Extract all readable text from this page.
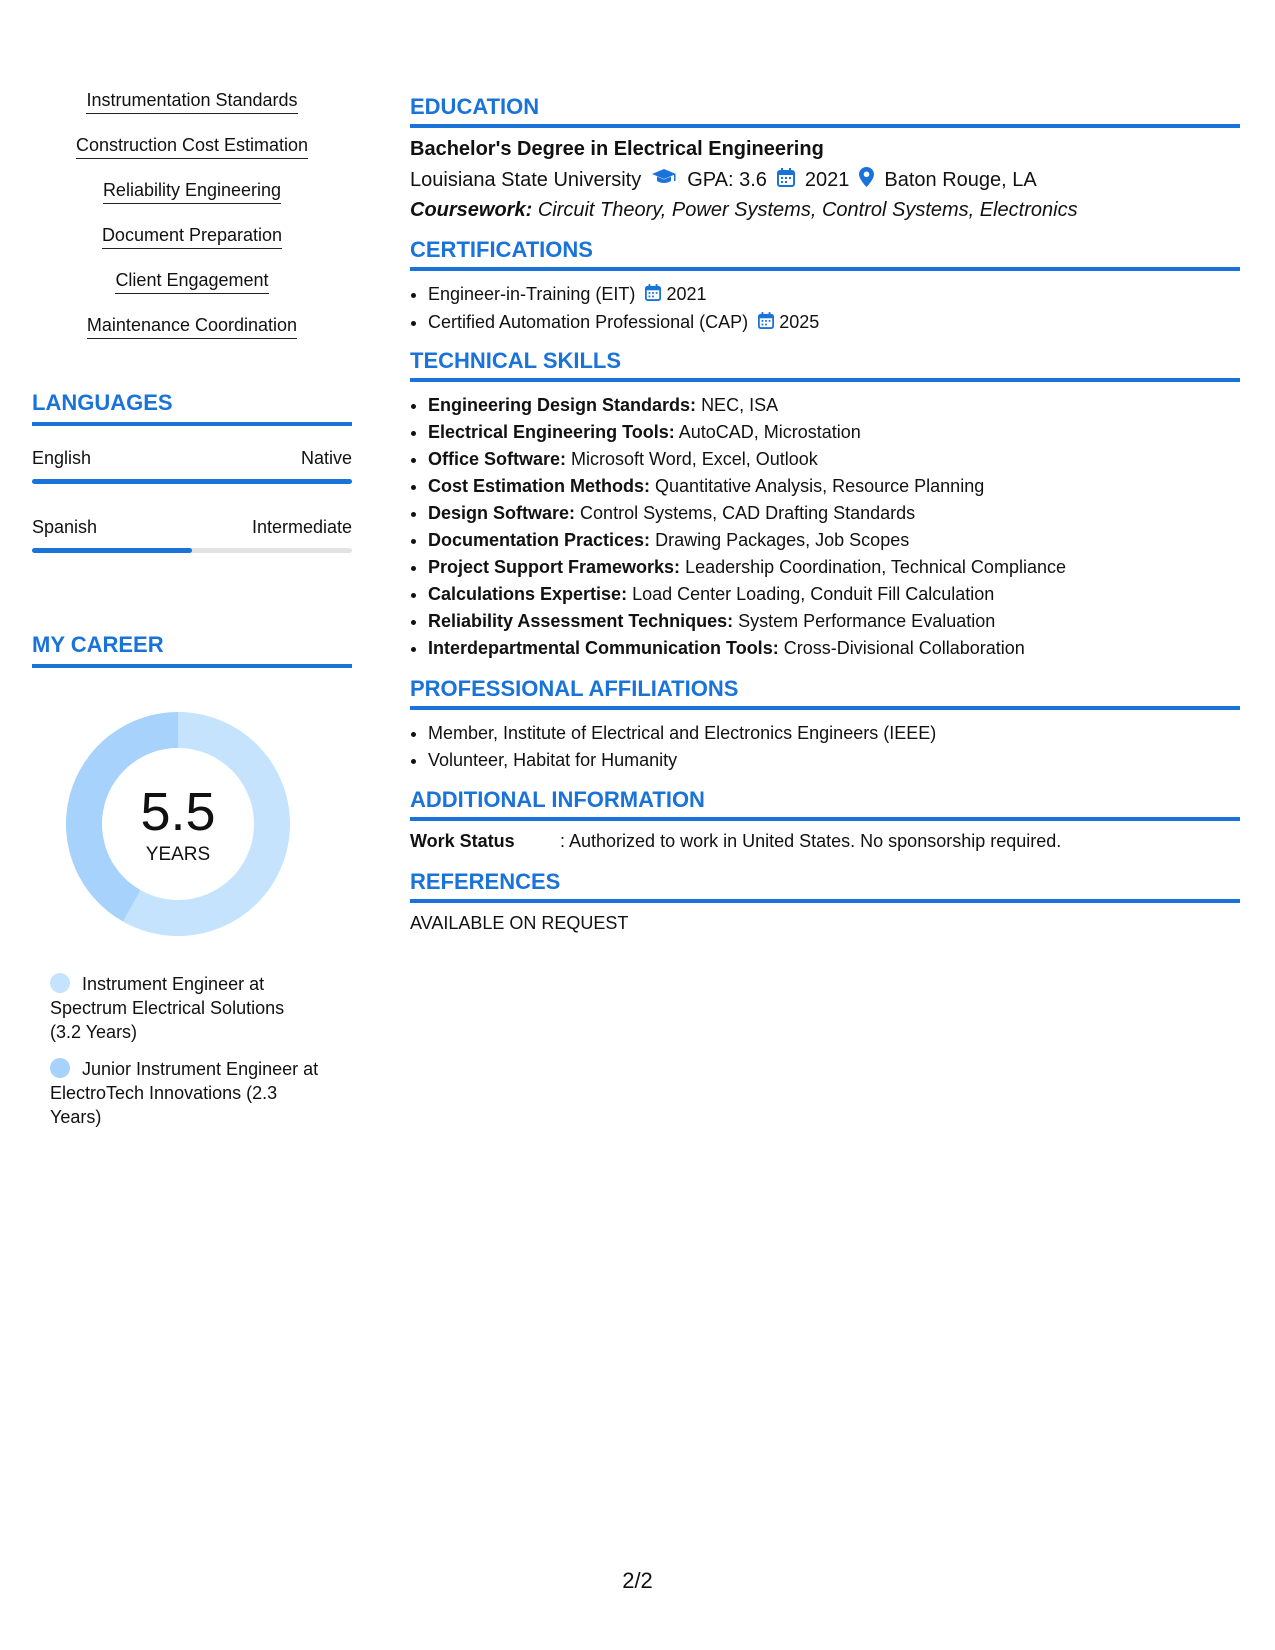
Instrumentation Standards
Construction Cost Estimation
Reliability Engineering
Document Preparation
Client Engagement
Maintenance Coordination
LANGUAGES
English	Native
Spanish	Intermediate
MY CAREER
5.5
YEARS
Instrument Engineer at Spectrum Electrical Solutions (3.2 Years)
Junior Instrument Engineer at ElectroTech Innovations (2.3 Years)
EDUCATION
Bachelor's Degree in Electrical Engineering
Louisiana State University GPA: 3.6 2021 Baton Rouge, LA
Coursework: Circuit Theory, Power Systems, Control Systems, Electronics
CERTIFICATIONS
• Engineer-in-Training (EIT) 2021
• Certified Automation Professional (CAP) 2025
TECHNICAL SKILLS
• Engineering Design Standards: NEC, ISA
• Electrical Engineering Tools: AutoCAD, Microstation
• Office Software: Microsoft Word, Excel, Outlook
• Cost Estimation Methods: Quantitative Analysis, Resource Planning
• Design Software: Control Systems, CAD Drafting Standards
• Documentation Practices: Drawing Packages, Job Scopes
• Project Support Frameworks: Leadership Coordination, Technical Compliance
• Calculations Expertise: Load Center Loading, Conduit Fill Calculation
• Reliability Assessment Techniques: System Performance Evaluation
• Interdepartmental Communication Tools: Cross-Divisional Collaboration
PROFESSIONAL AFFILIATIONS
• Member, Institute of Electrical and Electronics Engineers (IEEE)
• Volunteer, Habitat for Humanity
ADDITIONAL INFORMATION
Work Status	: Authorized to work in United States. No sponsorship required.
REFERENCES
AVAILABLE ON REQUEST
2/2
